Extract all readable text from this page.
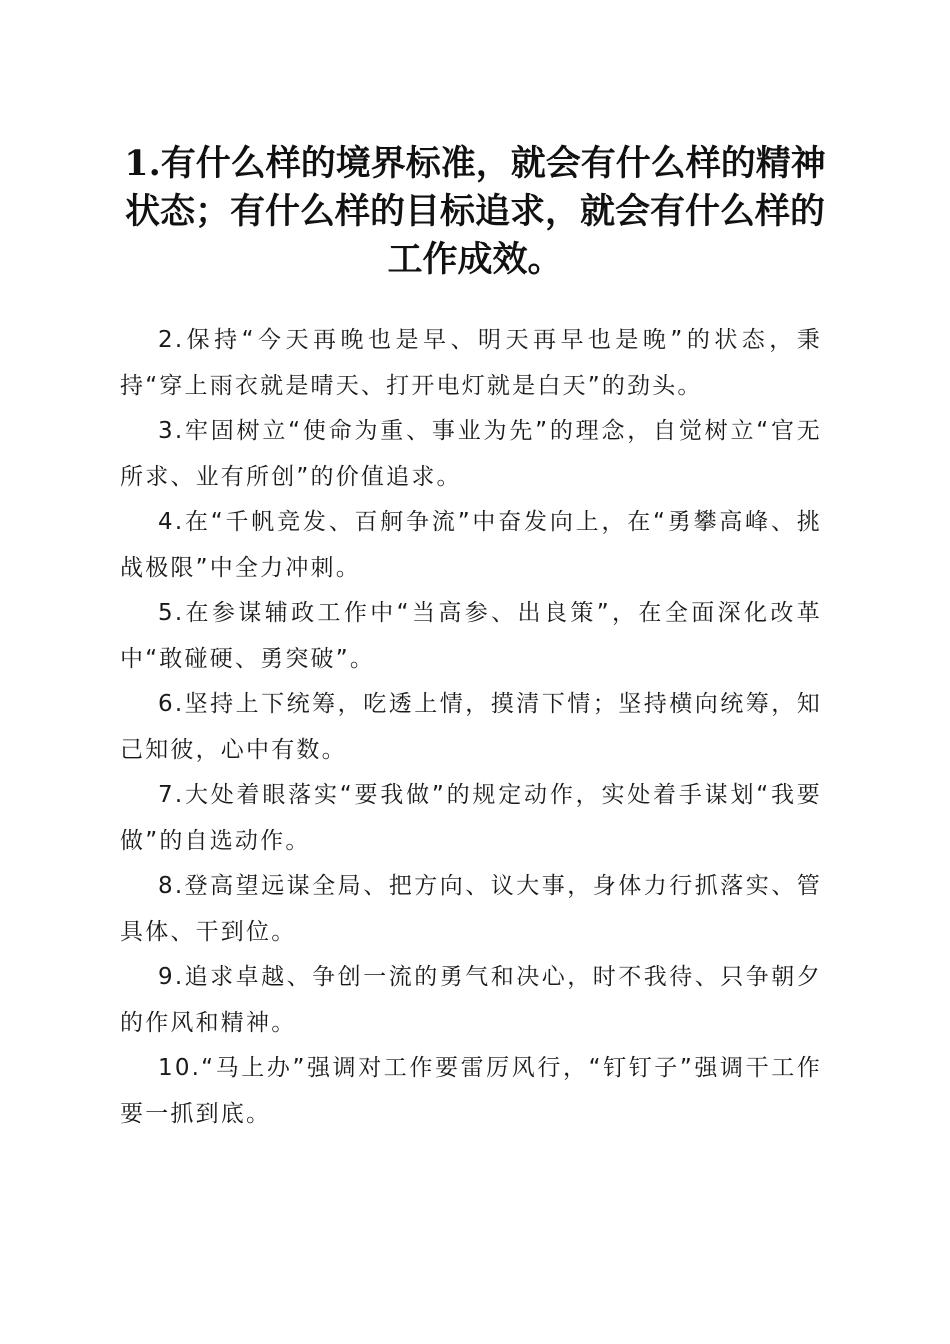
1.有什么样的境界标准，就会有什么样的精神状态；有什么样的目标追求，就会有什么样的工作成效。

2.保持“今天再晚也是早、明天再早也是晚”的状态，秉持“穿上雨衣就是晴天、打开电灯就是白天”的劲头。

3.牢固树立“使命为重、事业为先”的理念，自觉树立“官无所求、业有所创”的价值追求。

4.在“千帆竞发、百舸争流”中奋发向上，在“勇攀高峰、挑战极限”中全力冲刺。

5.在参谋辅政工作中“当高参、出良策”，在全面深化改革中“敢碰硬、勇突破”。

6.坚持上下统筹，吃透上情，摸清下情；坚持横向统筹，知己知彼，心中有数。

7.大处着眼落实“要我做”的规定动作，实处着手谋划“我要做”的自选动作。

8.登高望远谋全局、把方向、议大事，身体力行抓落实、管具体、干到位。

9.追求卓越、争创一流的勇气和决心，时不我待、只争朝夕的作风和精神。

10.“马上办”强调对工作要雷厉风行，“钉钉子”强调干工作要一抓到底。
